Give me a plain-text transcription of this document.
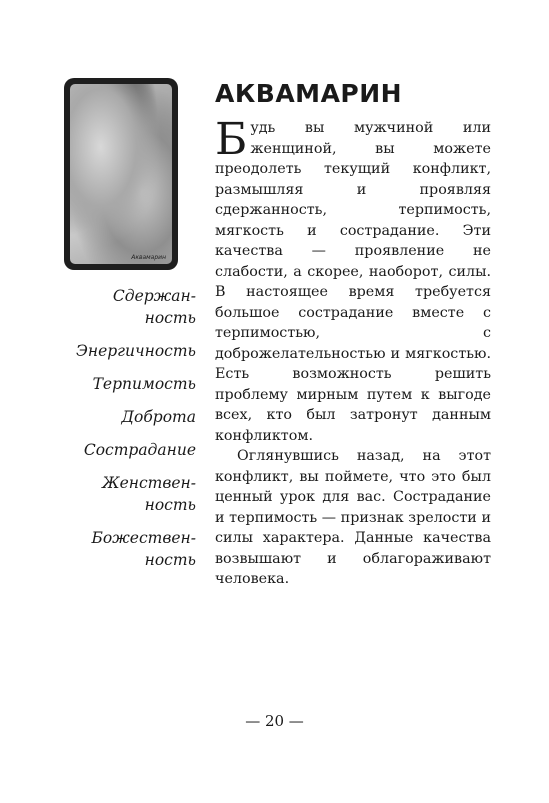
Аквамарин
Сдержан-
ность
Энергичность
Терпимость
Доброта
Сострадание
Женствен-
ность
Божествен-
ность
АКВАМАРИН

Будь вы мужчиной или женщиной, вы можете преодолеть текущий конфликт, размышляя и проявляя сдержанность, терпимость, мягкость и сострадание. Эти качества — проявление не слабости, а скорее, наоборот, силы. В настоящее время требуется большое сострадание вместе с терпимостью, с доброжелательностью и мягкостью. Есть возможность решить проблему мирным путем к выгоде всех, кто был затронут данным конфликтом.

Оглянувшись назад, на этот конфликт, вы поймете, что это был ценный урок для вас. Сострадание и терпимость — признак зрелости и силы характера. Данные качества возвышают и облагораживают человека.

— 20 —
